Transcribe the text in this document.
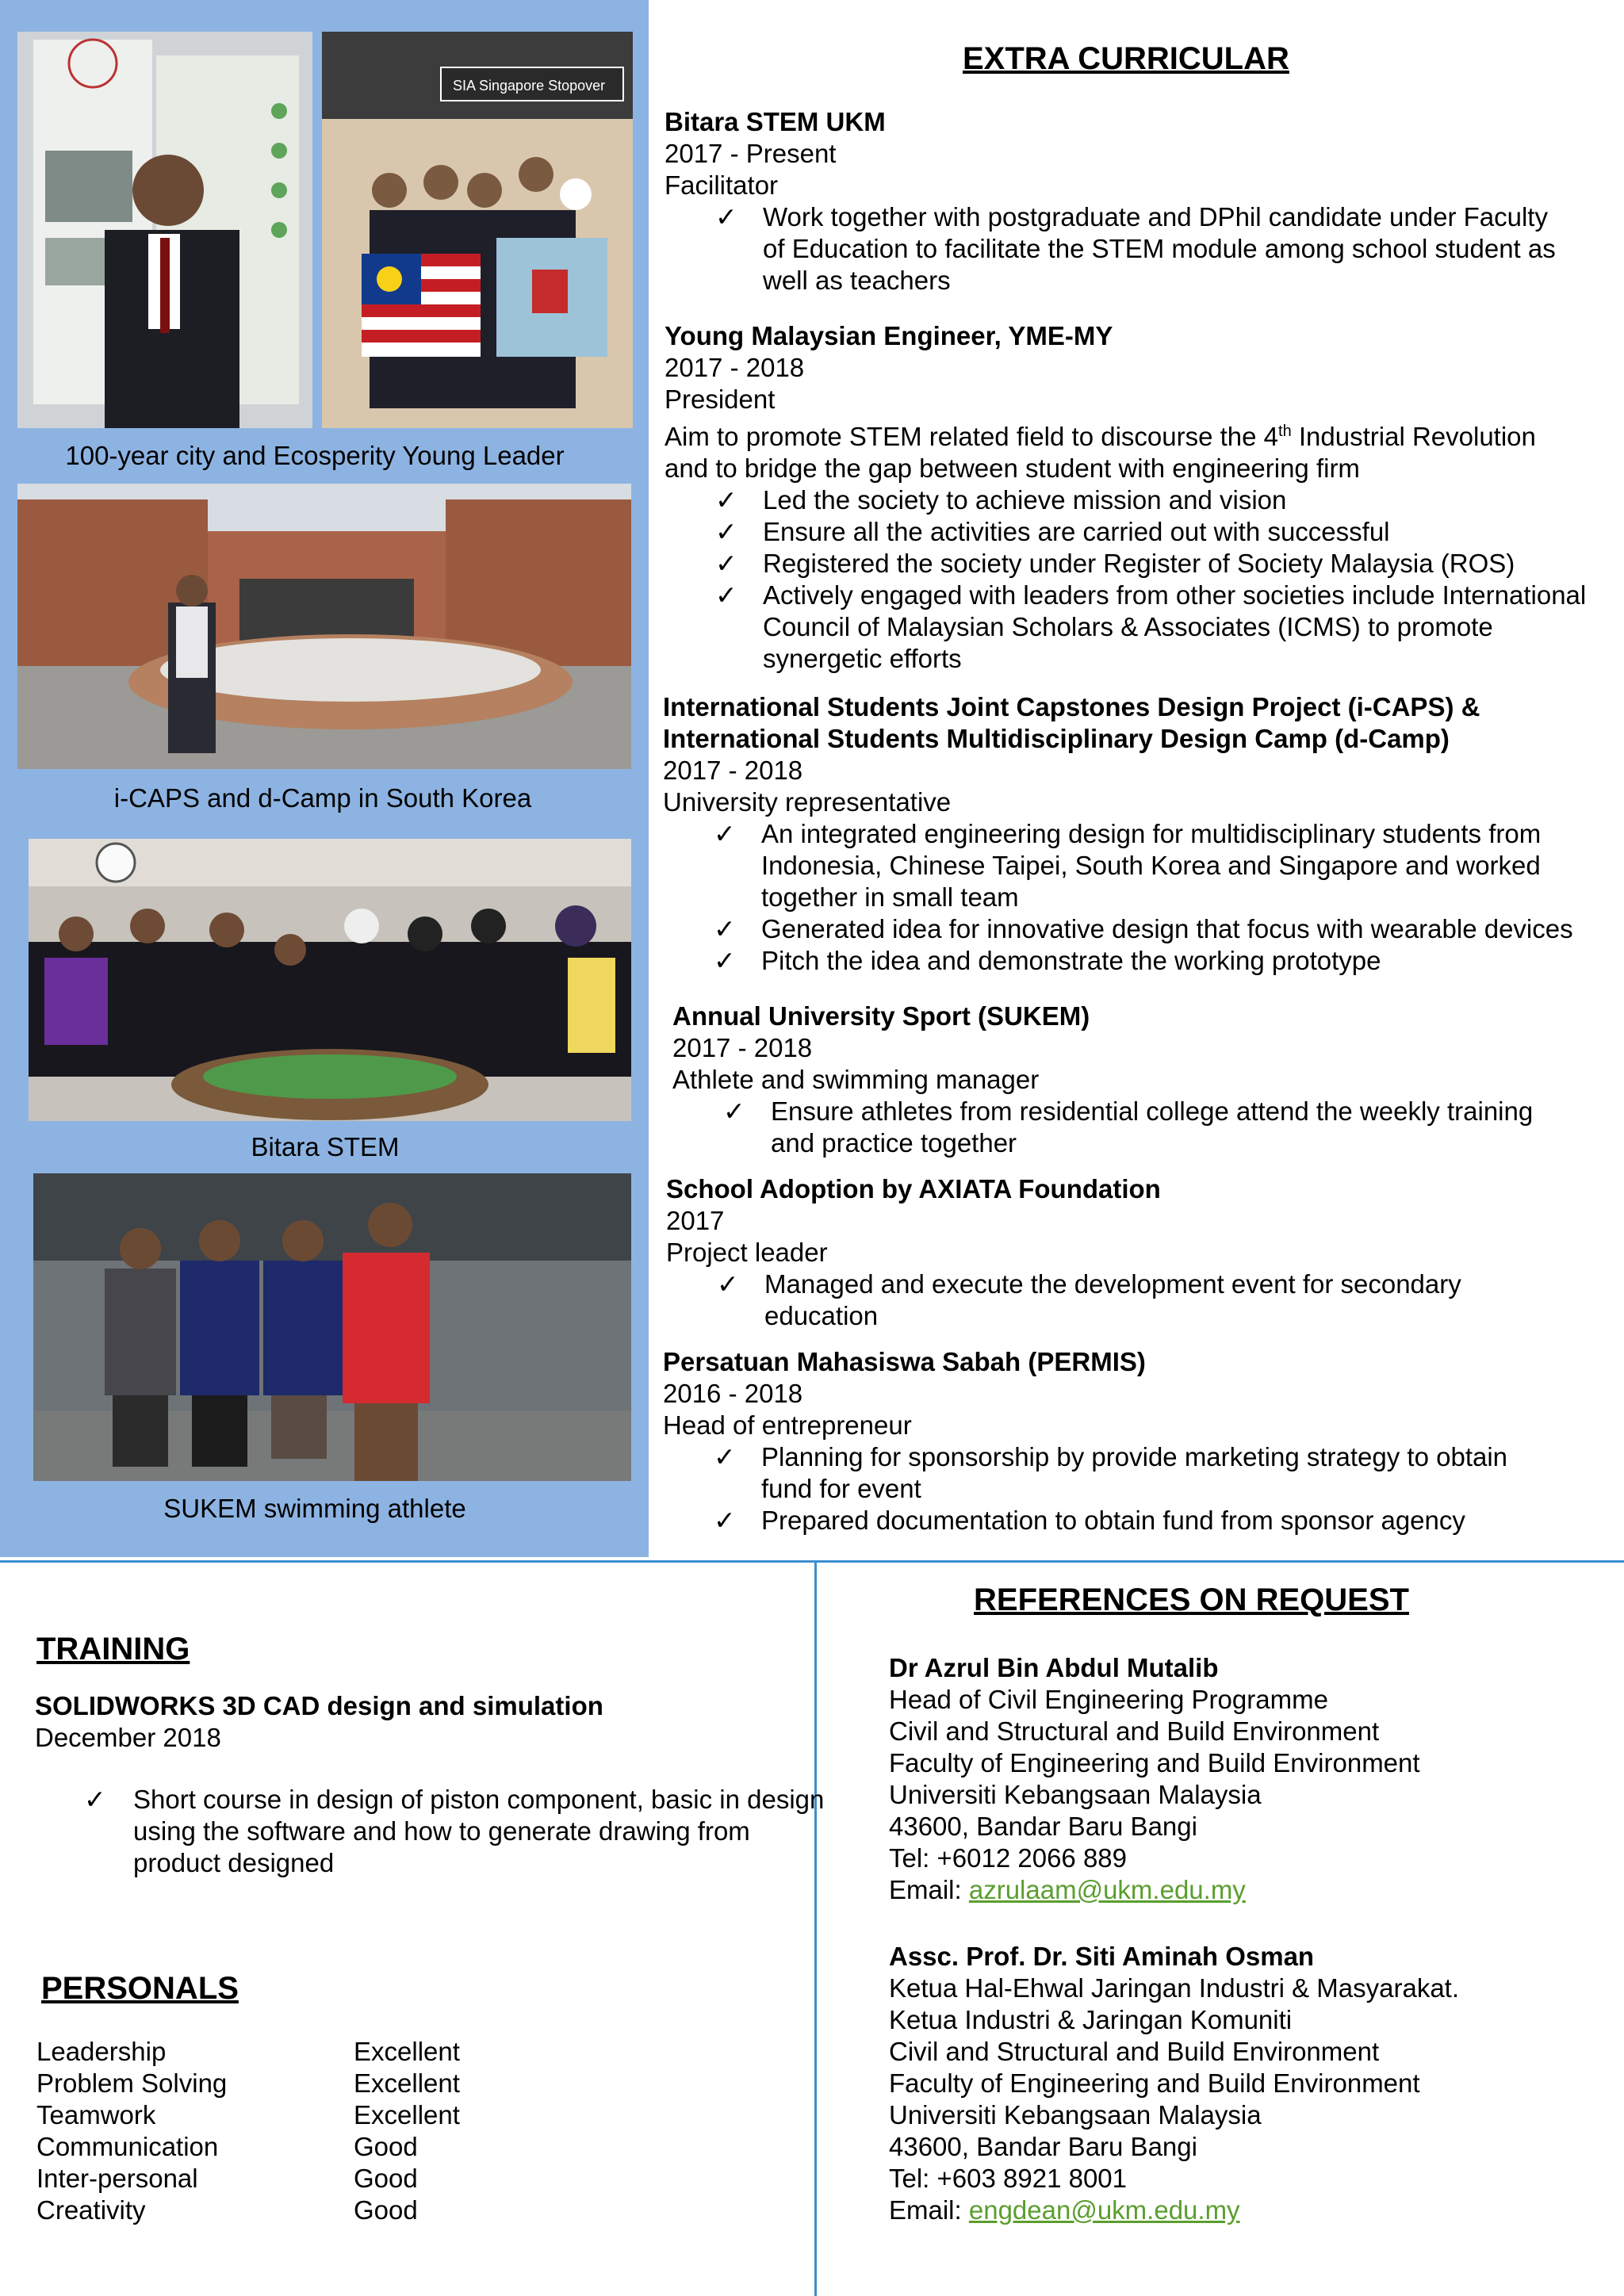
SIA Singapore Stopover
100-year city and Ecosperity Young Leader
i-CAPS and d-Camp in South Korea
Bitara STEM
SUKEM swimming athlete
EXTRA CURRICULAR
Bitara STEM UKM
2017 - Present
Facilitator
✓ Work together with postgraduate and DPhil candidate under Faculty of Education to facilitate the STEM module among school student as well as teachers
Young Malaysian Engineer, YME-MY
2017 - 2018
President
Aim to promote STEM related field to discourse the 4th Industrial Revolution and to bridge the gap between student with engineering firm
✓ Led the society to achieve mission and vision
✓ Ensure all the activities are carried out with successful
✓ Registered the society under Register of Society Malaysia (ROS)
✓ Actively engaged with leaders from other societies include International Council of Malaysian Scholars & Associates (ICMS) to promote synergetic efforts
International Students Joint Capstones Design Project (i-CAPS) & International Students Multidisciplinary Design Camp (d-Camp)
2017 - 2018
University representative
✓ An integrated engineering design for multidisciplinary students from Indonesia, Chinese Taipei, South Korea and Singapore and worked together in small team
✓ Generated idea for innovative design that focus with wearable devices
✓ Pitch the idea and demonstrate the working prototype
Annual University Sport (SUKEM)
2017 - 2018
Athlete and swimming manager
✓ Ensure athletes from residential college attend the weekly training and practice together
School Adoption by AXIATA Foundation
2017
Project leader
✓ Managed and execute the development event for secondary education
Persatuan Mahasiswa Sabah (PERMIS)
2016 - 2018
Head of entrepreneur
✓ Planning for sponsorship by provide marketing strategy to obtain fund for event
✓ Prepared documentation to obtain fund from sponsor agency
TRAINING
SOLIDWORKS 3D CAD design and simulation
December 2018
✓ Short course in design of piston component, basic in design using the software and how to generate drawing from product designed
PERSONALS
Leadership	Excellent
Problem Solving	Excellent
Teamwork	Excellent
Communication	Good
Inter-personal	Good
Creativity	Good
REFERENCES ON REQUEST
Dr Azrul Bin Abdul Mutalib
Head of Civil Engineering Programme
Civil and Structural and Build Environment
Faculty of Engineering and Build Environment
Universiti Kebangsaan Malaysia
43600, Bandar Baru Bangi
Tel: +6012 2066 889
Email: azrulaam@ukm.edu.my
Assc. Prof. Dr. Siti Aminah Osman
Ketua Hal-Ehwal Jaringan Industri & Masyarakat.
Ketua Industri & Jaringan Komuniti
Civil and Structural and Build Environment
Faculty of Engineering and Build Environment
Universiti Kebangsaan Malaysia
43600, Bandar Baru Bangi
Tel: +603 8921 8001
Email: engdean@ukm.edu.my
